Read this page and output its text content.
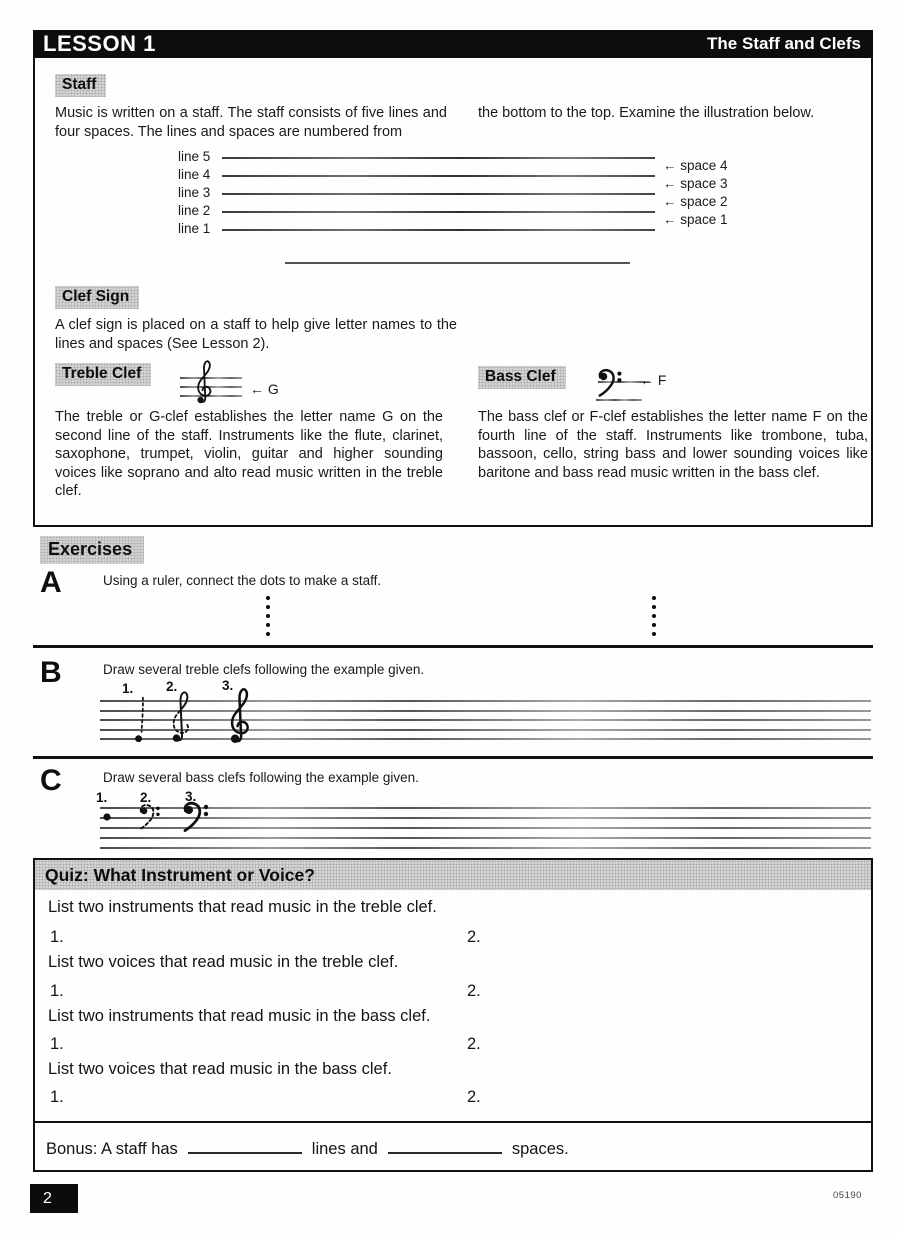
LESSON 1	The Staff and Clefs
Staff
Music is written on a staff. The staff consists of five lines and four spaces. The lines and spaces are numbered from
the bottom to the top. Examine the illustration below.
line 5
line 4
line 3
line 2
line 1
← space 4
← space 3
← space 2
← space 1
Clef Sign
A clef sign is placed on a staff to help give letter names to the lines and spaces (See Lesson 2).
Treble Clef
← G
The treble or G-clef establishes the letter name G on the second line of the staff. Instruments like the flute, clarinet, saxophone, trumpet, violin, guitar and higher sounding voices like soprano and alto read music written in the treble clef.
Bass Clef	← F
The bass clef or F-clef establishes the letter name F on the fourth line of the staff. Instruments like trombone, tuba, bassoon, cello, string bass and lower sounding voices like baritone and bass read music written in the bass clef.
Exercises
A	Using a ruler, connect the dots to make a staff.
B	Draw several treble clefs following the example given.
1. 2.	3.
C	Draw several bass clefs following the example given.
1. 2. 3.
Quiz: What Instrument or Voice?
List two instruments that read music in the treble clef.
1.	2.
List two voices that read music in the treble clef.
1.	2.
List two instruments that read music in the bass clef.
1.	2.
List two voices that read music in the bass clef.
1.	2.
Bonus: A staff has	lines and	spaces.
2	05190
